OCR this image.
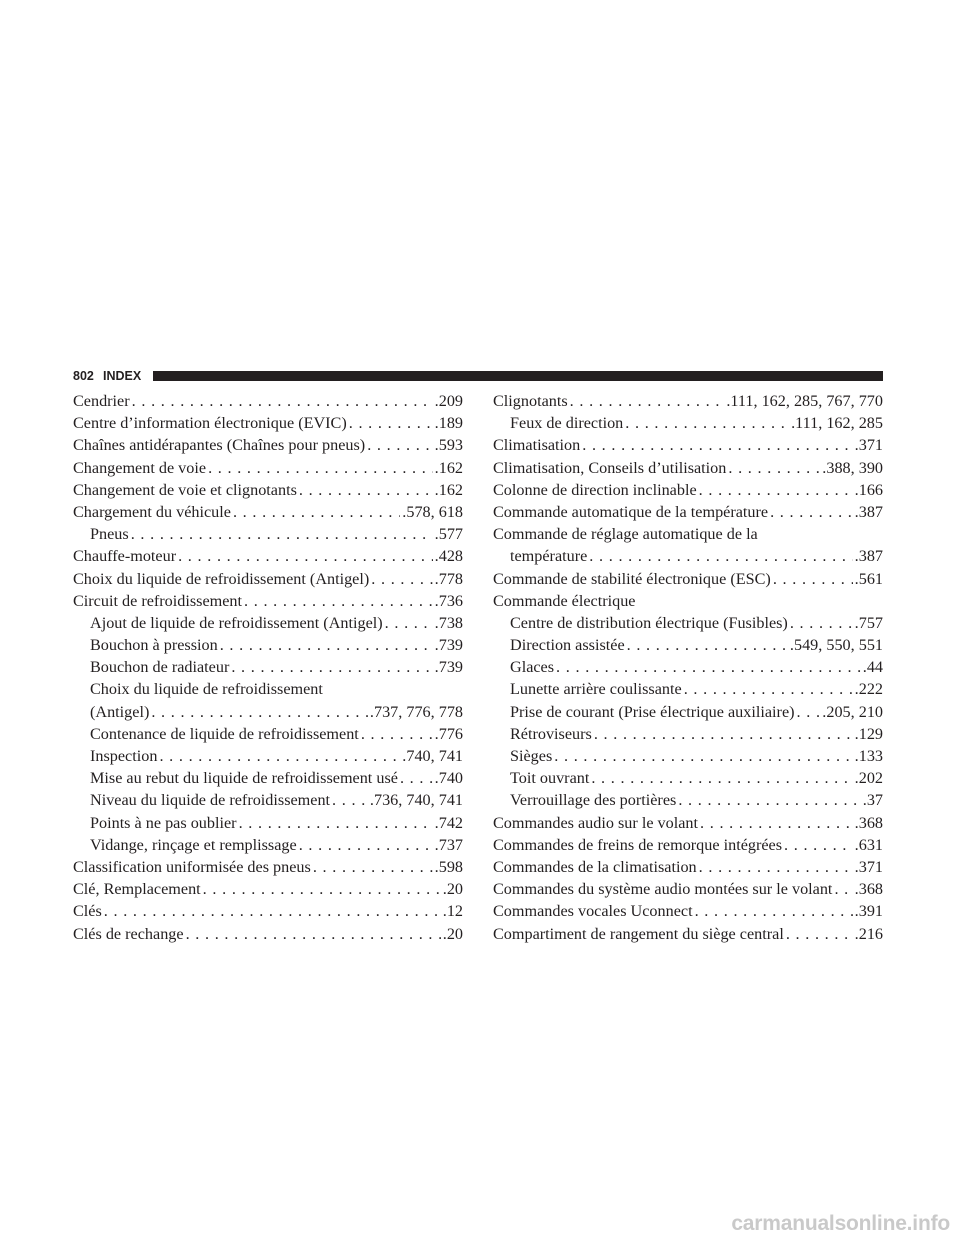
802 INDEX
Cendrier . . .	.209
Centre d’information électronique (EVIC) . . .	.189
Chaînes antidérapantes (Chaînes pour pneus) . . .	.593
Changement de voie . . .	.162
Changement de voie et clignotants . . .	.162
Chargement du véhicule . . .	.578, 618
Pneus . . .	.577
Chauffe-moteur . . .	.428
Choix du liquide de refroidissement (Antigel) . . .	.778
Circuit de refroidissement . . .	.736
Ajout de liquide de refroidissement (Antigel) . . .	.738
Bouchon à pression . . .	.739
Bouchon de radiateur . . .	.739
Choix du liquide de refroidissement
(Antigel) . . .	.737, 776, 778
Contenance de liquide de refroidissement . . .	.776
Inspection . . .	.740, 741
Mise au rebut du liquide de refroidissement usé . . . .740
Niveau du liquide de refroidissement . . . .736, 740, 741
Points à ne pas oublier . . .	.742
Vidange, rinçage et remplissage . . .	.737
Classification uniformisée des pneus . . .	.598
Clé, Remplacement . . .	.20
Clés . . .	.12
Clés de rechange . . .	.20
Clignotants . . .	.111, 162, 285, 767, 770
Feux de direction . . .	.111, 162, 285
Climatisation . . .	.371
Climatisation, Conseils d’utilisation . . .	.388, 390
Colonne de direction inclinable . . .	.166
Commande automatique de la température . . .	.387
Commande de réglage automatique de la
température . . .	.387
Commande de stabilité électronique (ESC) . . .	.561
Commande électrique
Centre de distribution électrique (Fusibles) . . .	.757
Direction assistée . . .	.549, 550, 551
Glaces . . .	.44
Lunette arrière coulissante . . .	.222
Prise de courant (Prise électrique auxiliaire) . . . .205, 210
Rétroviseurs . . .	.129
Sièges . . .	.133
Toit ouvrant . . .	.202
Verrouillage des portières . . .	.37
Commandes audio sur le volant . . .	.368
Commandes de freins de remorque intégrées . . .	.631
Commandes de la climatisation . . .	.371
Commandes du système audio montées sur le volant . . . .368
Commandes vocales Uconnect . . .	.391
Compartiment de rangement du siège central . . .	.216
carmanualsonline.info
